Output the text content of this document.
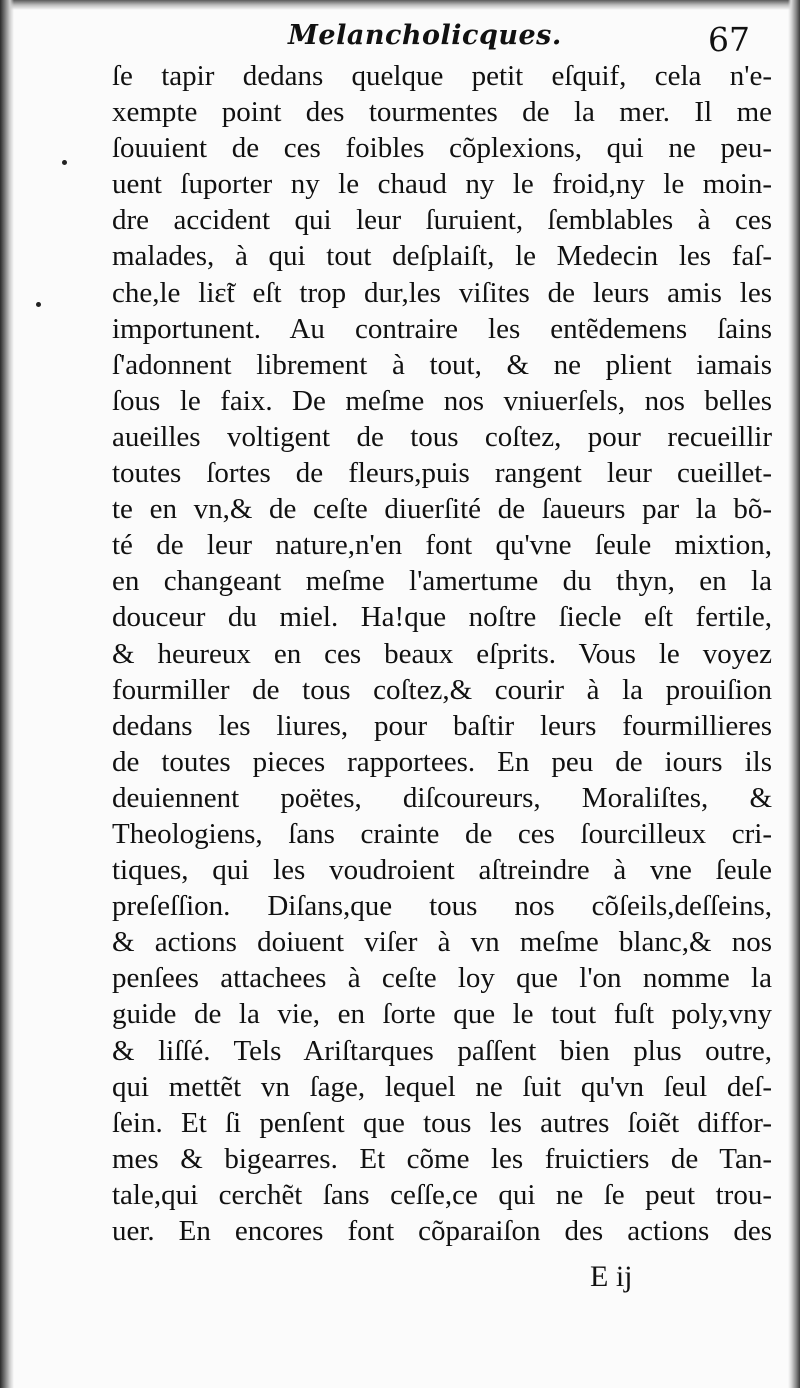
Melancholicques.	67
ſe tapir dedans quelque petit eſquif, cela n'e-
xempte point des tourmentes de la mer. Il me
ſouuient de ces foibles cõplexions, qui ne peu-
uent ſuporter ny le chaud ny le froid,ny le moin-
dre accident qui leur ſuruient, ſemblables à ces
malades, à qui tout deſplaiſt, le Medecin les faſ-
che,le liɛ̃t eſt trop dur,les viſites de leurs amis les
importunent. Au contraire les entẽdemens ſains
ſ'adonnent librement à tout, & ne plient iamais
ſous le faix. De meſme nos vniuerſels, nos belles
aueilles voltigent de tous coſtez, pour recueillir
toutes ſortes de fleurs,puis rangent leur cueillet-
te en vn,& de ceſte diuerſité de ſaueurs par la bõ-
té de leur nature,n'en font qu'vne ſeule mixtion,
en changeant meſme l'amertume du thyn, en la
douceur du miel. Ha!que noſtre ſiecle eſt fertile,
& heureux en ces beaux eſprits. Vous le voyez
fourmiller de tous coſtez,& courir à la prouiſion
dedans les liures, pour baſtir leurs fourmillieres
de toutes pieces rapportees. En peu de iours ils
deuiennent poëtes, diſcoureurs, Moraliſtes, &
Theologiens, ſans crainte de ces ſourcilleux cri-
tiques, qui les voudroient aſtreindre à vne ſeule
preſeſſion. Diſans,que tous nos cõſeils,deſſeins,
& actions doiuent viſer à vn meſme blanc,& nos
penſees attachees à ceſte loy que l'on nomme la
guide de la vie, en ſorte que le tout fuſt poly,vny
& liſſé. Tels Ariſtarques paſſent bien plus outre,
qui mettẽt vn ſage, lequel ne ſuit qu'vn ſeul deſ-
ſein. Et ſi penſent que tous les autres ſoiẽt diffor-
mes & bigearres. Et cõme les fruictiers de Tan-
tale,qui cerchẽt ſans ceſſe,ce qui ne ſe peut trou-
uer. En encores font cõparaiſon des actions des
E ij
